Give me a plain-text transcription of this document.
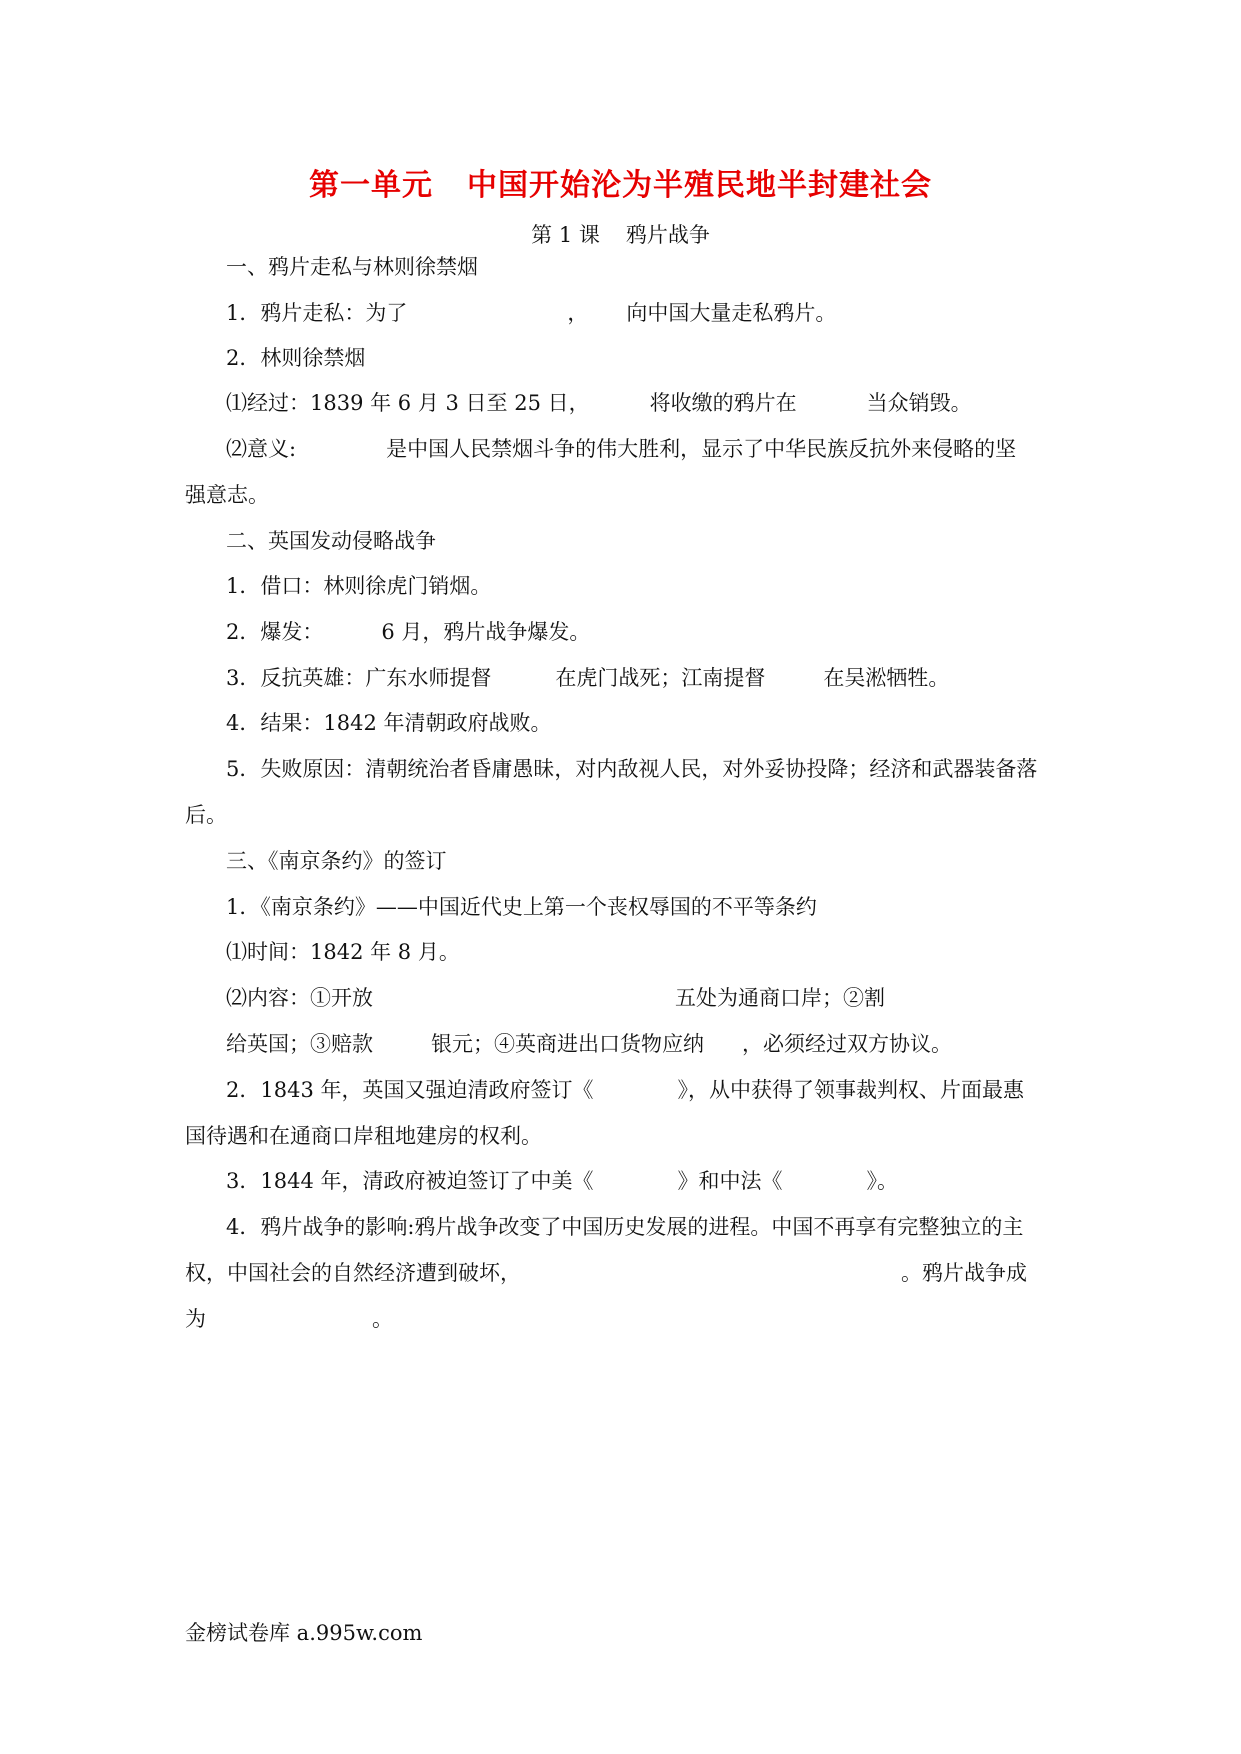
第一单元 中国开始沦为半殖民地半封建社会
第 1 课 鸦片战争
一、鸦片走私与林则徐禁烟
1．鸦片走私：为了	， 向中国大量走私鸦片。
2．林则徐禁烟
⑴经过：1839 年 6 月 3 日至 25 日，	将收缴的鸦片在	当众销毁。
⑵意义:	是中国人民禁烟斗争的伟大胜利，显示了中华民族反抗外来侵略的坚
强意志。
二、英国发动侵略战争
1．借口：林则徐虎门销烟。
2．爆发：	6 月，鸦片战争爆发。
3．反抗英雄：广东水师提督	在虎门战死；江南提督	在吴淞牺牲。
4．结果：1842 年清朝政府战败。
5．失败原因：清朝统治者昏庸愚昧，对内敌视人民，对外妥协投降；经济和武器装备落
后。
三、《南京条约》的签订
1．《南京条约》——中国近代史上第一个丧权辱国的不平等条约
⑴时间：1842 年 8 月。
⑵内容：①开放	五处为通商口岸；②割
给英国；③赔款	银元；④英商进出口货物应纳 ，必须经过双方协议。
2．1843 年，英国又强迫清政府签订《	》，从中获得了领事裁判权、片面最惠
国待遇和在通商口岸租地建房的权利。
3．1844 年，清政府被迫签订了中美《	》和中法《	》。
4．鸦片战争的影响:鸦片战争改变了中国历史发展的进程。中国不再享有完整独立的主
权，中国社会的自然经济遭到破坏，	。鸦片战争成
为	。
金榜试卷库 a.995w.com
